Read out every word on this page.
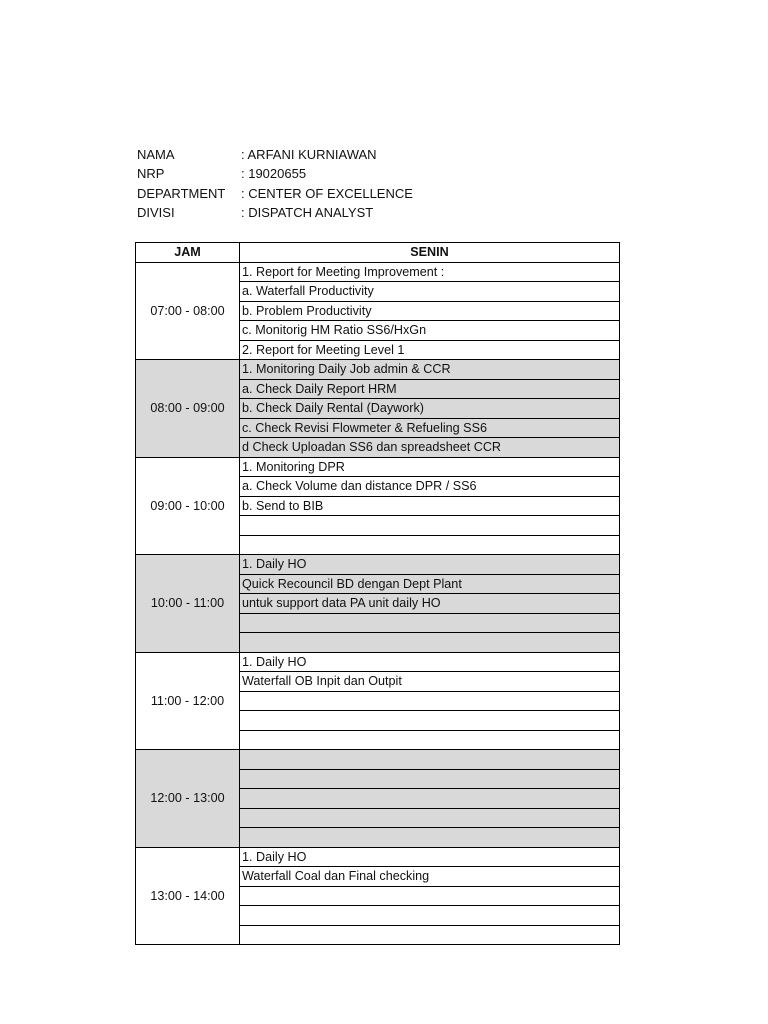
NAMA	: ARFANI KURNIAWAN
NRP	: 19020655
DEPARTMENT	: CENTER OF EXCELLENCE
DIVISI	: DISPATCH ANALYST
JAM	SENIN
07:00 - 08:00	1. Report for Meeting Improvement :
	a. Waterfall Productivity
	b. Problem Productivity
	c. Monitorig HM Ratio SS6/HxGn
	2. Report for Meeting Level 1
08:00 - 09:00	1. Monitoring Daily Job admin & CCR
	a. Check Daily Report HRM
	b. Check Daily Rental (Daywork)
	c. Check Revisi Flowmeter & Refueling SS6
	d Check Uploadan SS6 dan spreadsheet CCR
09:00 - 10:00	1. Monitoring DPR
	a. Check Volume dan distance DPR / SS6
	b. Send to BIB

10:00 - 11:00	1. Daily HO
	Quick Recouncil BD dengan Dept Plant
	untuk support data PA unit daily HO

11:00 - 12:00	1. Daily HO
	Waterfall OB Inpit dan Outpit

12:00 - 13:00	

13:00 - 14:00	1. Daily HO
	Waterfall Coal dan Final checking
